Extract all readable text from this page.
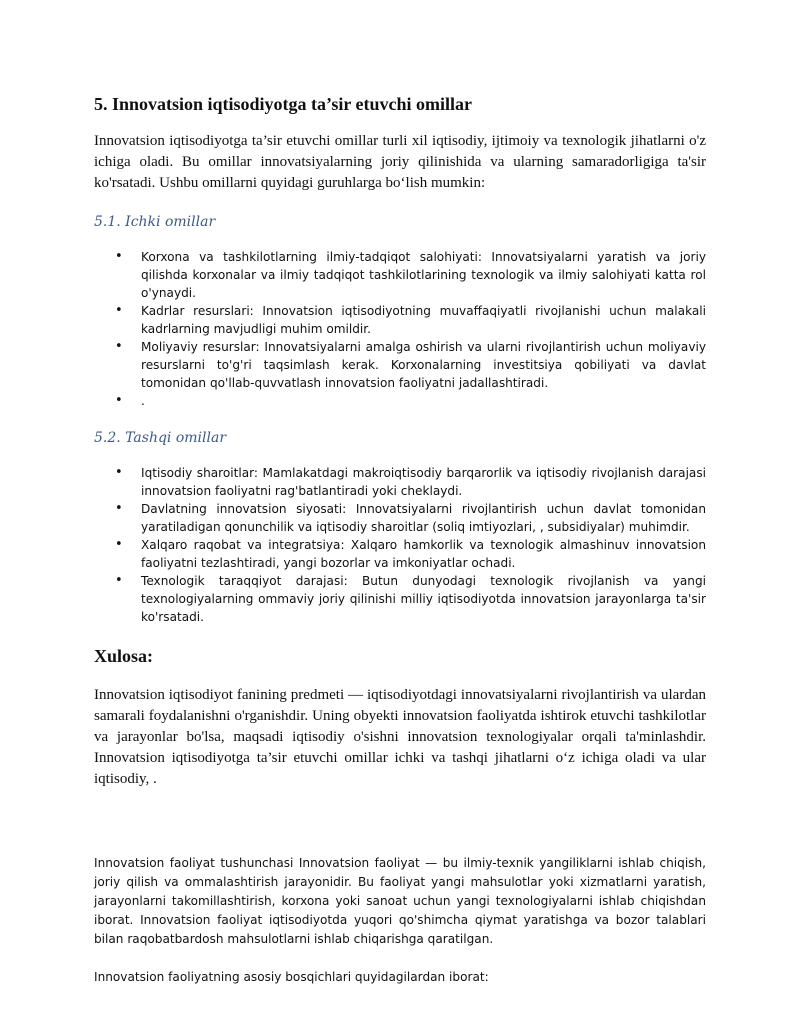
5. Innovatsion iqtisodiyotga ta’sir etuvchi omillar

Innovatsion iqtisodiyotga ta’sir etuvchi omillar turli xil iqtisodiy, ijtimoiy va texnologik jihatlarni o'z ichiga oladi. Bu omillar innovatsiyalarning joriy qilinishida va ularning samaradorligiga ta'sir ko'rsatadi. Ushbu omillarni quyidagi guruhlarga bo‘lish mumkin:

5.1. Ichki omillar
• Korxona va tashkilotlarning ilmiy-tadqiqot salohiyati: Innovatsiyalarni yaratish va joriy qilishda korxonalar va ilmiy tadqiqot tashkilotlarining texnologik va ilmiy salohiyati katta rol o'ynaydi.
• Kadrlar resurslari: Innovatsion iqtisodiyotning muvaffaqiyatli rivojlanishi uchun malakali kadrlarning mavjudligi muhim omildir.
• Moliyaviy resurslar: Innovatsiyalarni amalga oshirish va ularni rivojlantirish uchun moliyaviy resurslarni to'g'ri taqsimlash kerak. Korxonalarning investitsiya qobiliyati va davlat tomonidan qo'llab-quvvatlash innovatsion faoliyatni jadallashtiradi.
• .
5.2. Tashqi omillar
• Iqtisodiy sharoitlar: Mamlakatdagi makroiqtisodiy barqarorlik va iqtisodiy rivojlanish darajasi innovatsion faoliyatni rag'batlantiradi yoki cheklaydi.
• Davlatning innovatsion siyosati: Innovatsiyalarni rivojlantirish uchun davlat tomonidan yaratiladigan qonunchilik va iqtisodiy sharoitlar (soliq imtiyozlari, , subsidiyalar) muhimdir.
• Xalqaro raqobat va integratsiya: Xalqaro hamkorlik va texnologik almashinuv innovatsion faoliyatni tezlashtiradi, yangi bozorlar va imkoniyatlar ochadi.
• Texnologik taraqqiyot darajasi: Butun dunyodagi texnologik rivojlanish va yangi texnologiyalarning ommaviy joriy qilinishi milliy iqtisodiyotda innovatsion jarayonlarga ta'sir ko'rsatadi.
Xulosa:

Innovatsion iqtisodiyot fanining predmeti — iqtisodiyotdagi innovatsiyalarni rivojlantirish va ulardan samarali foydalanishni o'rganishdir. Uning obyekti innovatsion faoliyatda ishtirok etuvchi tashkilotlar va jarayonlar bo'lsa, maqsadi iqtisodiy o'sishni innovatsion texnologiyalar orqali ta'minlashdir. Innovatsion iqtisodiyotga ta’sir etuvchi omillar ichki va tashqi jihatlarni o‘z ichiga oladi va ular iqtisodiy, .

Innovatsion faoliyat tushunchasi Innovatsion faoliyat — bu ilmiy-texnik yangiliklarni ishlab chiqish, joriy qilish va ommalashtirish jarayonidir. Bu faoliyat yangi mahsulotlar yoki xizmatlarni yaratish, jarayonlarni takomillashtirish, korxona yoki sanoat uchun yangi texnologiyalarni ishlab chiqishdan iborat. Innovatsion faoliyat iqtisodiyotda yuqori qo'shimcha qiymat yaratishga va bozor talablari bilan raqobatbardosh mahsulotlarni ishlab chiqarishga qaratilgan.

Innovatsion faoliyatning asosiy bosqichlari quyidagilardan iborat:
